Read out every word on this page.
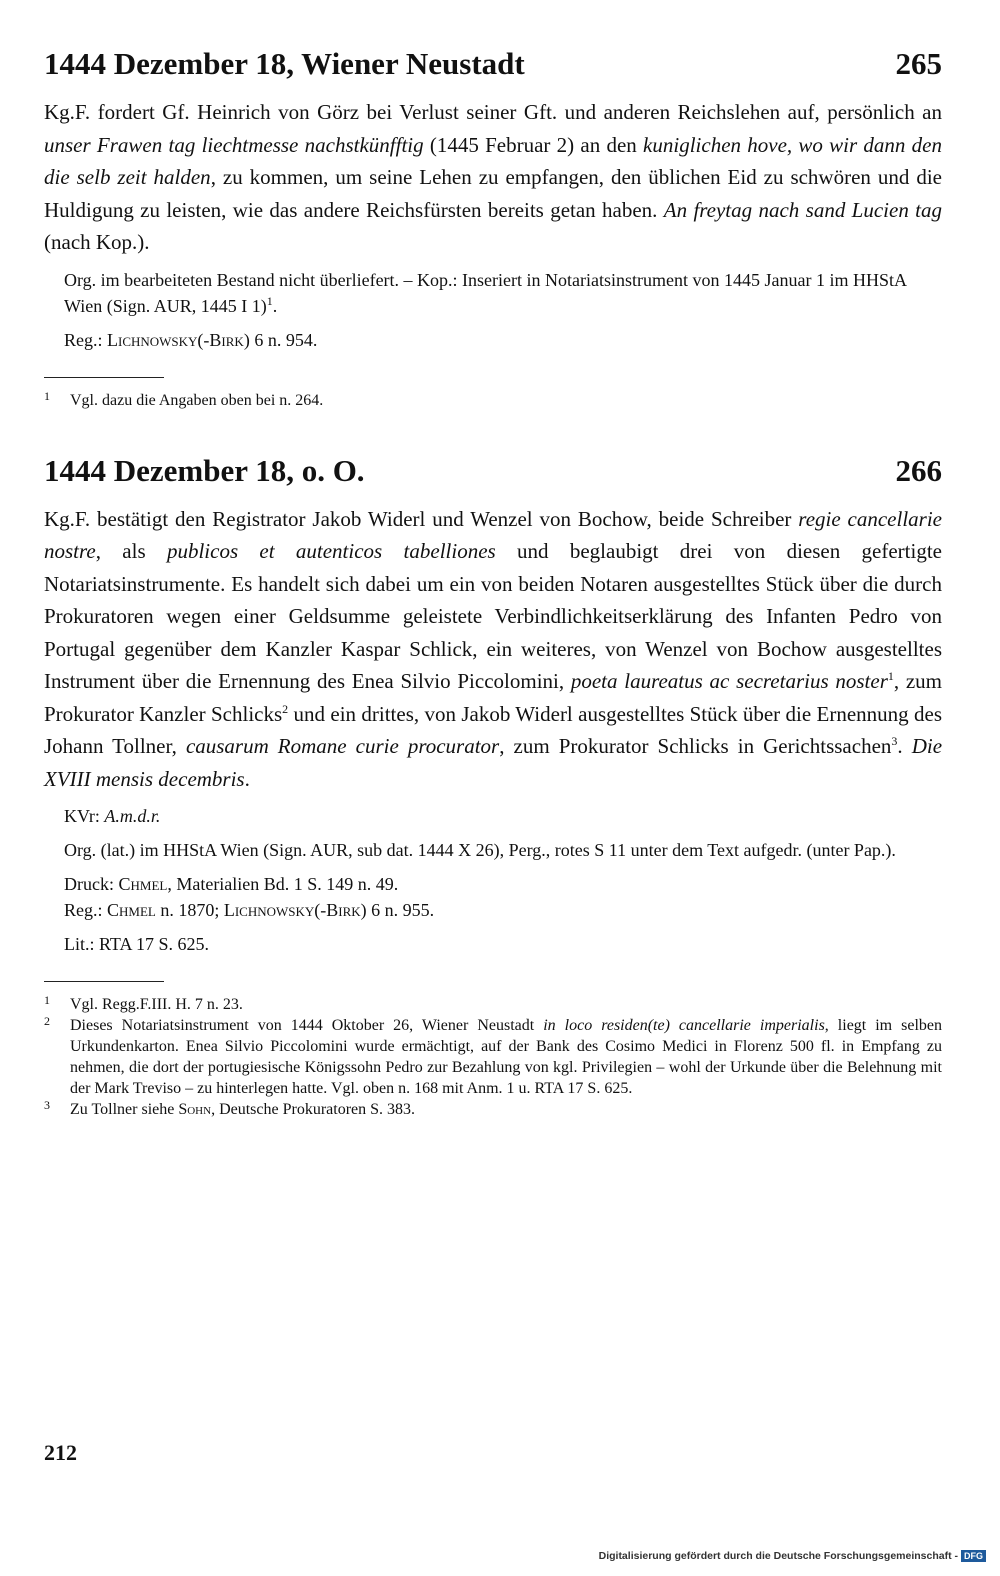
1444 Dezember 18, Wiener Neustadt	265

Kg.F. fordert Gf. Heinrich von Görz bei Verlust seiner Gft. und anderen Reichslehen auf, persönlich an unser Frawen tag liechtmesse nachstkünfftig (1445 Februar 2) an den kuniglichen hove, wo wir dann den die selb zeit halden, zu kommen, um seine Lehen zu empfangen, den üblichen Eid zu schwören und die Huldigung zu leisten, wie das andere Reichsfürsten bereits getan haben. An freytag nach sand Lucien tag (nach Kop.).

Org. im bearbeiteten Bestand nicht überliefert. – Kop.: Inseriert in Notariatsinstrument von 1445 Januar 1 im HHStA Wien (Sign. AUR, 1445 I 1)$^1$.

Reg.: Lichnowsky(-Birk) 6 n. 954.

1	Vgl. dazu die Angaben oben bei n. 264.
1444 Dezember 18, o. O.	266

Kg.F. bestätigt den Registrator Jakob Widerl und Wenzel von Bochow, beide Schreiber regie cancellarie nostre, als publicos et autenticos tabelliones und beglaubigt drei von diesen gefertigte Notariatsinstrumente. Es handelt sich dabei um ein von beiden Notaren ausgestelltes Stück über die durch Prokuratoren wegen einer Geldsumme geleistete Verbindlichkeitserklärung des Infanten Pedro von Portugal gegenüber dem Kanzler Kaspar Schlick, ein weiteres, von Wenzel von Bochow ausgestelltes Instrument über die Ernennung des Enea Silvio Piccolomini, poeta laureatus ac secretarius noster$^1$, zum Prokurator Kanzler Schlicks$^2$ und ein drittes, von Jakob Widerl ausgestelltes Stück über die Ernennung des Johann Tollner, causarum Romane curie procurator, zum Prokurator Schlicks in Gerichtssachen$^3$. Die XVIII mensis decembris.

KVr: A.m.d.r.

Org. (lat.) im HHStA Wien (Sign. AUR, sub dat. 1444 X 26), Perg., rotes S 11 unter dem Text aufgedr. (unter Pap.).

Druck: Chmel, Materialien Bd. 1 S. 149 n. 49.

Reg.: Chmel n. 1870; Lichnowsky(-Birk) 6 n. 955.

Lit.: RTA 17 S. 625.

1	Vgl. Regg.F.III. H. 7 n. 23.
2	Dieses Notariatsinstrument von 1444 Oktober 26, Wiener Neustadt in loco residen(te) cancellarie imperialis, liegt im selben Urkundenkarton. Enea Silvio Piccolomini wurde ermächtigt, auf der Bank des Cosimo Medici in Florenz 500 fl. in Empfang zu nehmen, die dort der portugiesische Königssohn Pedro zur Bezahlung von kgl. Privilegien – wohl der Urkunde über die Belehnung mit der Mark Treviso – zu hinterlegen hatte. Vgl. oben n. 168 mit Anm. 1 u. RTA 17 S. 625.
3	Zu Tollner siehe Sohn, Deutsche Prokuratoren S. 383.
212
Digitalisierung gefördert durch die Deutsche Forschungsgemeinschaft - DFG
